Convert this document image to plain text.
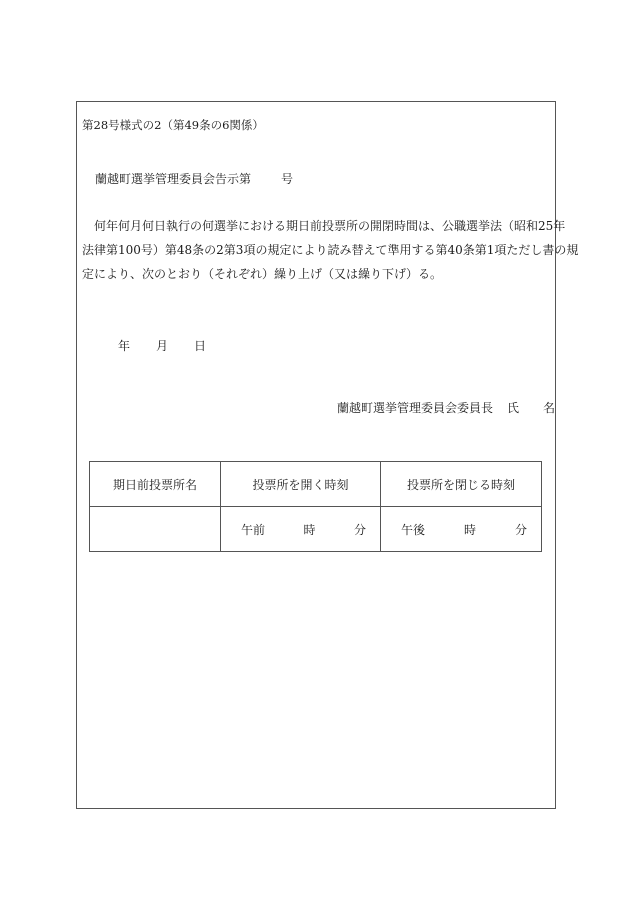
第28号様式の2（第49条の6関係）
蘭越町選挙管理委員会告示第	号
何年何月何日執行の何選挙における期日前投票所の開閉時間は、公職選挙法（昭和25年
法律第100号）第48条の2第3項の規定により読み替えて準用する第40条第1項ただし書の規
定により、次のとおり（それぞれ）繰り上げ（又は繰り下げ）る。
年 月 日
蘭越町選挙管理委員会委員長 氏 名
期日前投票所名	投票所を開く時刻	投票所を閉じる時刻

	午前 時 分	午後 時 分
